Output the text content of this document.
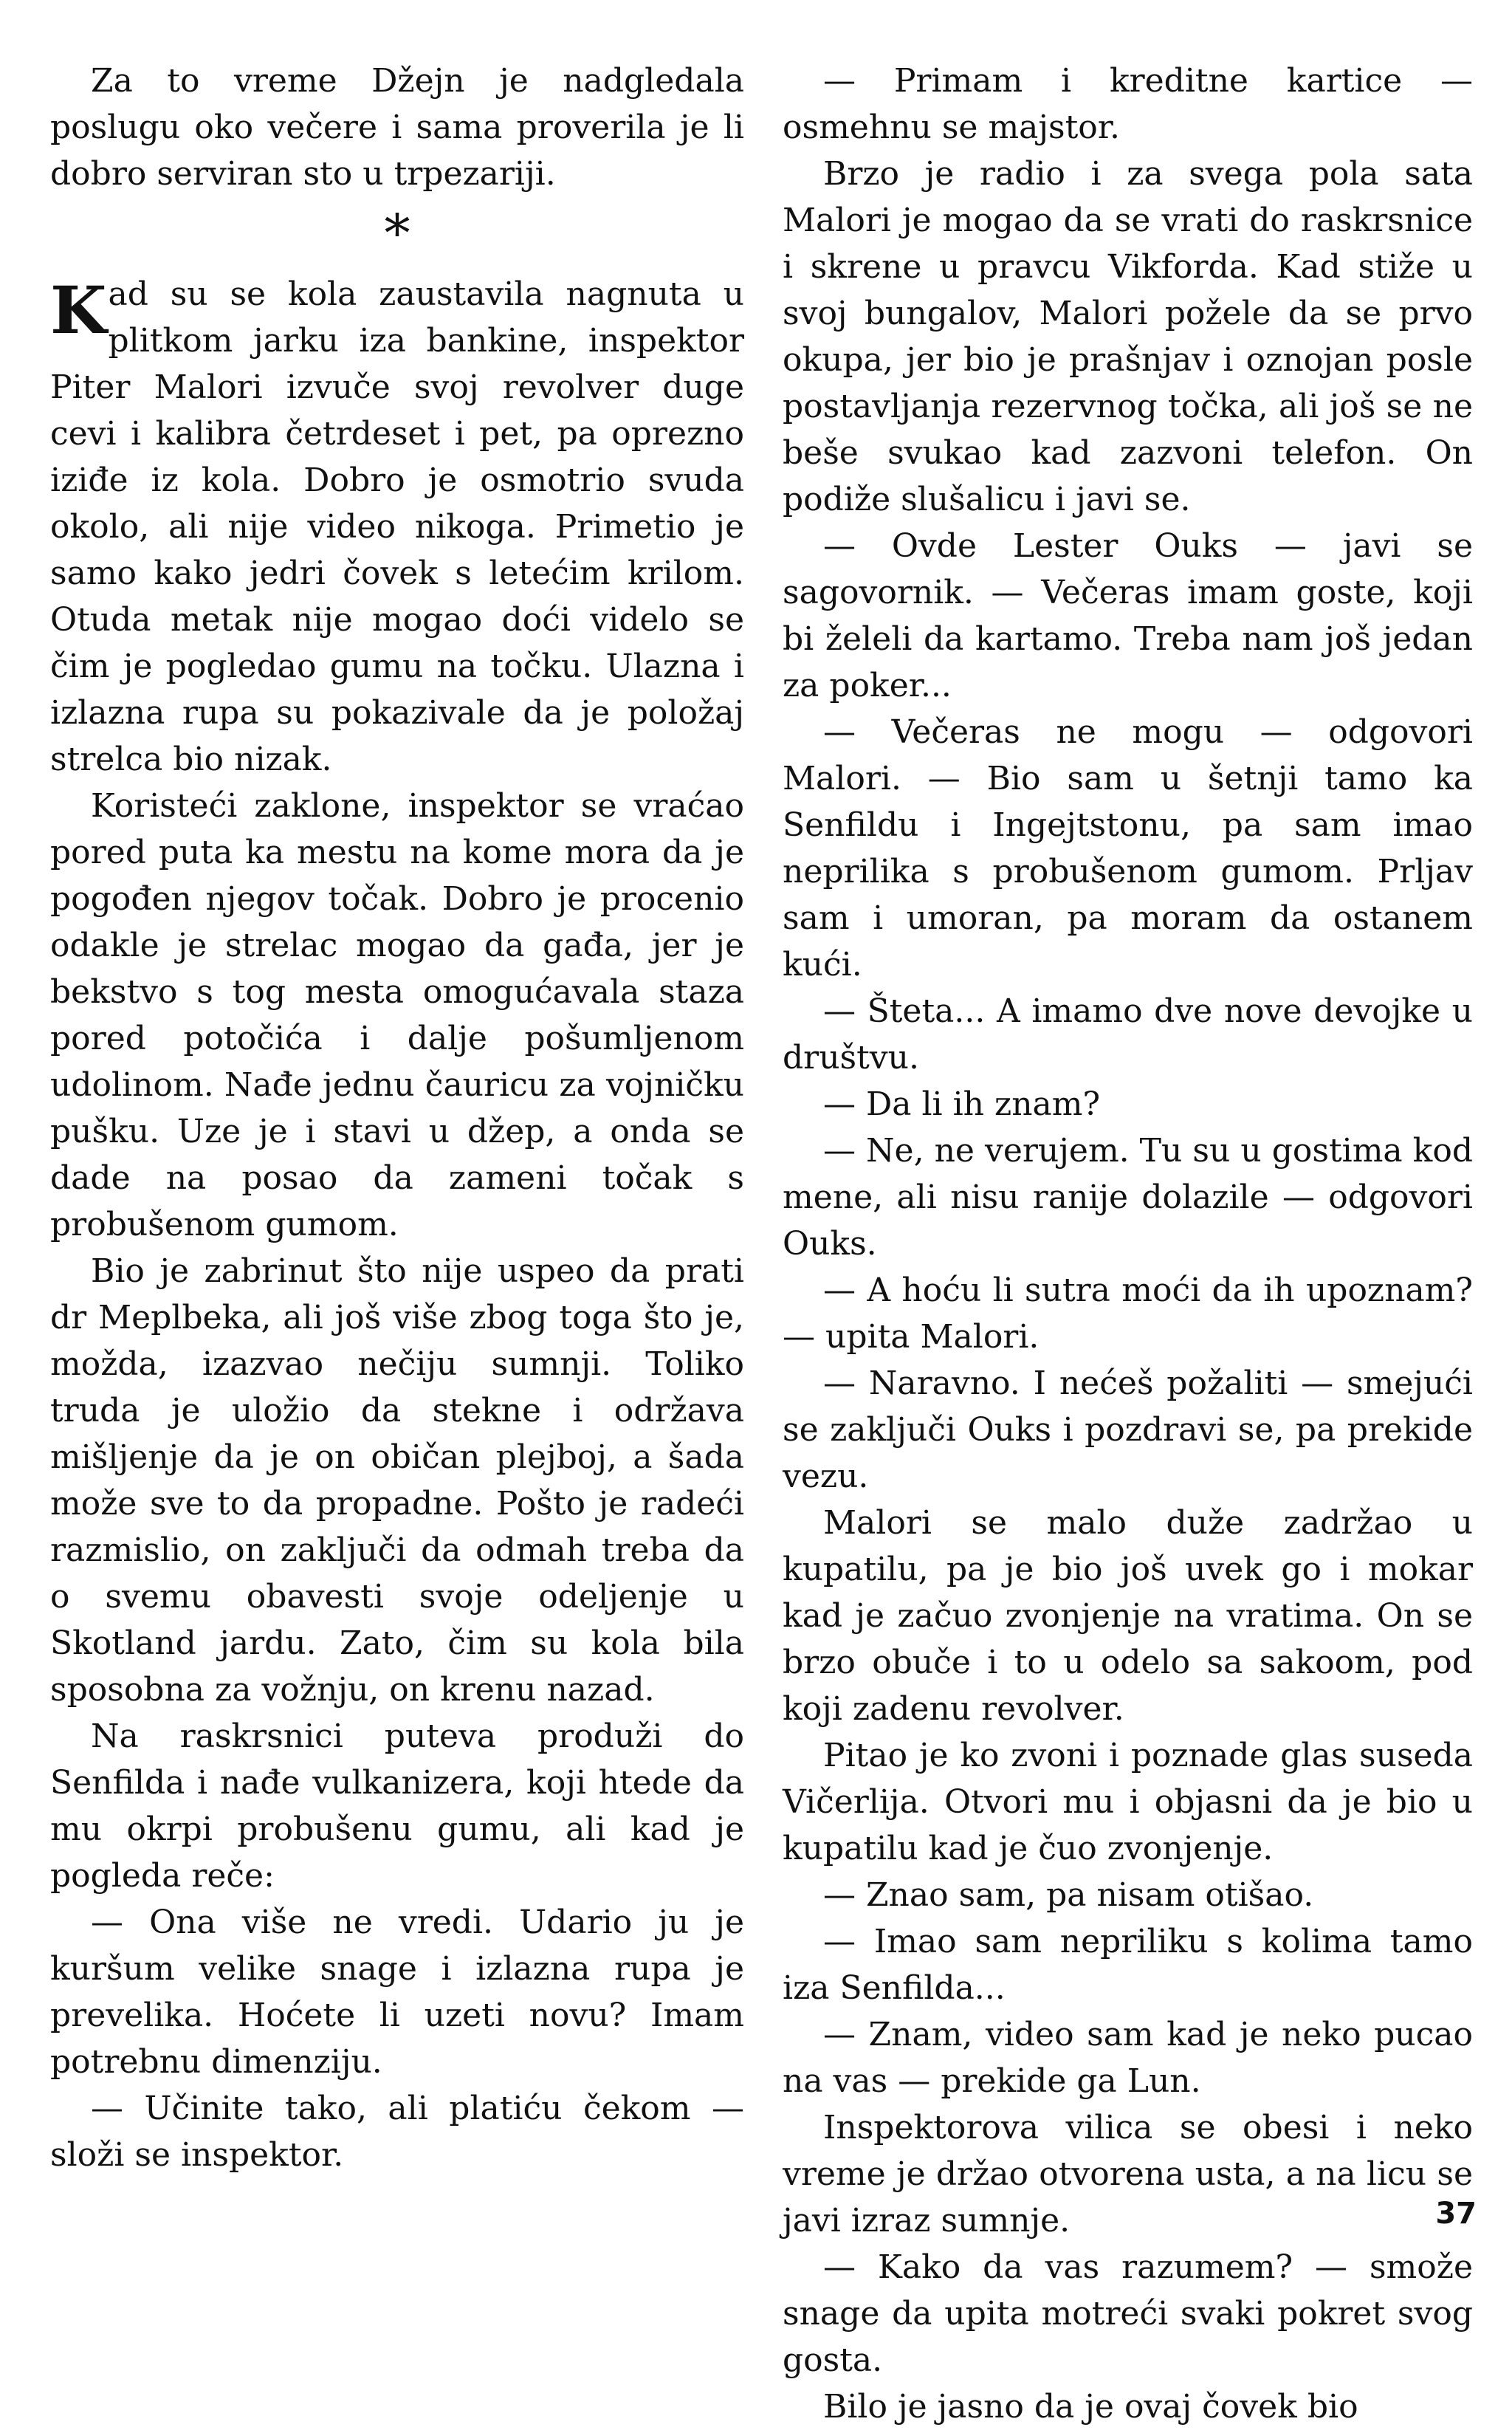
Za to vreme Džejn je nadgledala poslugu oko večere i sama proverila je li dobro serviran sto u trpezariji.

*

Kad su se kola zaustavila nagnuta u plitkom jarku iza bankine, inspektor Piter Malori izvuče svoj revolver duge cevi i kalibra četrdeset i pet, pa oprezno iziđe iz kola. Dobro je osmotrio svuda okolo, ali nije video nikoga. Primetio je samo kako jedri čovek s letećim krilom. Otuda metak nije mogao doći videlo se čim je pogledao gumu na točku. Ulazna i izlazna rupa su pokazivale da je položaj strelca bio nizak.

Koristeći zaklone, inspektor se vraćao pored puta ka mestu na kome mora da je pogođen njegov točak. Dobro je procenio odakle je strelac mogao da gađa, jer je bekstvo s tog mesta omogućavala staza pored potočića i dalje pošumljenom udolinom. Nađe jednu čauricu za vojničku pušku. Uze je i stavi u džep, a onda se dade na posao da zameni točak s probušenom gumom.

Bio je zabrinut što nije uspeo da prati dr Meplbeka, ali još više zbog toga što je, možda, izazvao nečiju sumnji. Toliko truda je uložio da stekne i održava mišljenje da je on običan plejboj, a šada može sve to da propadne. Pošto je radeći razmislio, on zaključi da odmah treba da o svemu obavesti svoje odeljenje u Skotland jardu. Zato, čim su kola bila sposobna za vožnju, on krenu nazad.

Na raskrsnici puteva produži do Senfilda i nađe vulkanizera, koji htede da mu okrpi probušenu gumu, ali kad je pogleda reče:

— Ona više ne vredi. Udario ju je kuršum velike snage i izlazna rupa je prevelika. Hoćete li uzeti novu? Imam potrebnu dimenziju.

— Učinite tako, ali platiću čekom — složi se inspektor.

— Primam i kreditne kartice — osmehnu se majstor.

Brzo je radio i za svega pola sata Malori je mogao da se vrati do raskrsnice i skrene u pravcu Vikforda. Kad stiže u svoj bungalov, Malori požele da se prvo okupa, jer bio je prašnjav i oznojan posle postavljanja rezervnog točka, ali još se ne beše svukao kad zazvoni telefon. On podiže slušalicu i javi se.

— Ovde Lester Ouks — javi se sagovornik. — Večeras imam goste, koji bi želeli da kartamo. Treba nam još jedan za poker...

— Večeras ne mogu — odgovori Malori. — Bio sam u šetnji tamo ka Senfildu i Ingejtstonu, pa sam imao neprilika s probušenom gumom. Prljav sam i umoran, pa moram da ostanem kući.

— Šteta... A imamo dve nove devojke u društvu.

— Da li ih znam?

— Ne, ne verujem. Tu su u gostima kod mene, ali nisu ranije dolazile — odgovori Ouks.

— A hoću li sutra moći da ih upoznam? — upita Malori.

— Naravno. I nećeš požaliti — smejući se zaključi Ouks i pozdravi se, pa prekide vezu.

Malori se malo duže zadržao u kupatilu, pa je bio još uvek go i mokar kad je začuo zvonjenje na vratima. On se brzo obuče i to u odelo sa sakoom, pod koji zadenu revolver.

Pitao je ko zvoni i poznade glas suseda Vičerlija. Otvori mu i objasni da je bio u kupatilu kad je čuo zvonjenje.

— Znao sam, pa nisam otišao.

— Imao sam nepriliku s kolima tamo iza Senfilda...

— Znam, video sam kad je neko pucao na vas — prekide ga Lun.

Inspektorova vilica se obesi i neko vreme je držao otvorena usta, a na licu se javi izraz sumnje.

— Kako da vas razumem? — smože snage da upita motreći svaki pokret svog gosta.

Bilo je jasno da je ovaj čovek bio

37
